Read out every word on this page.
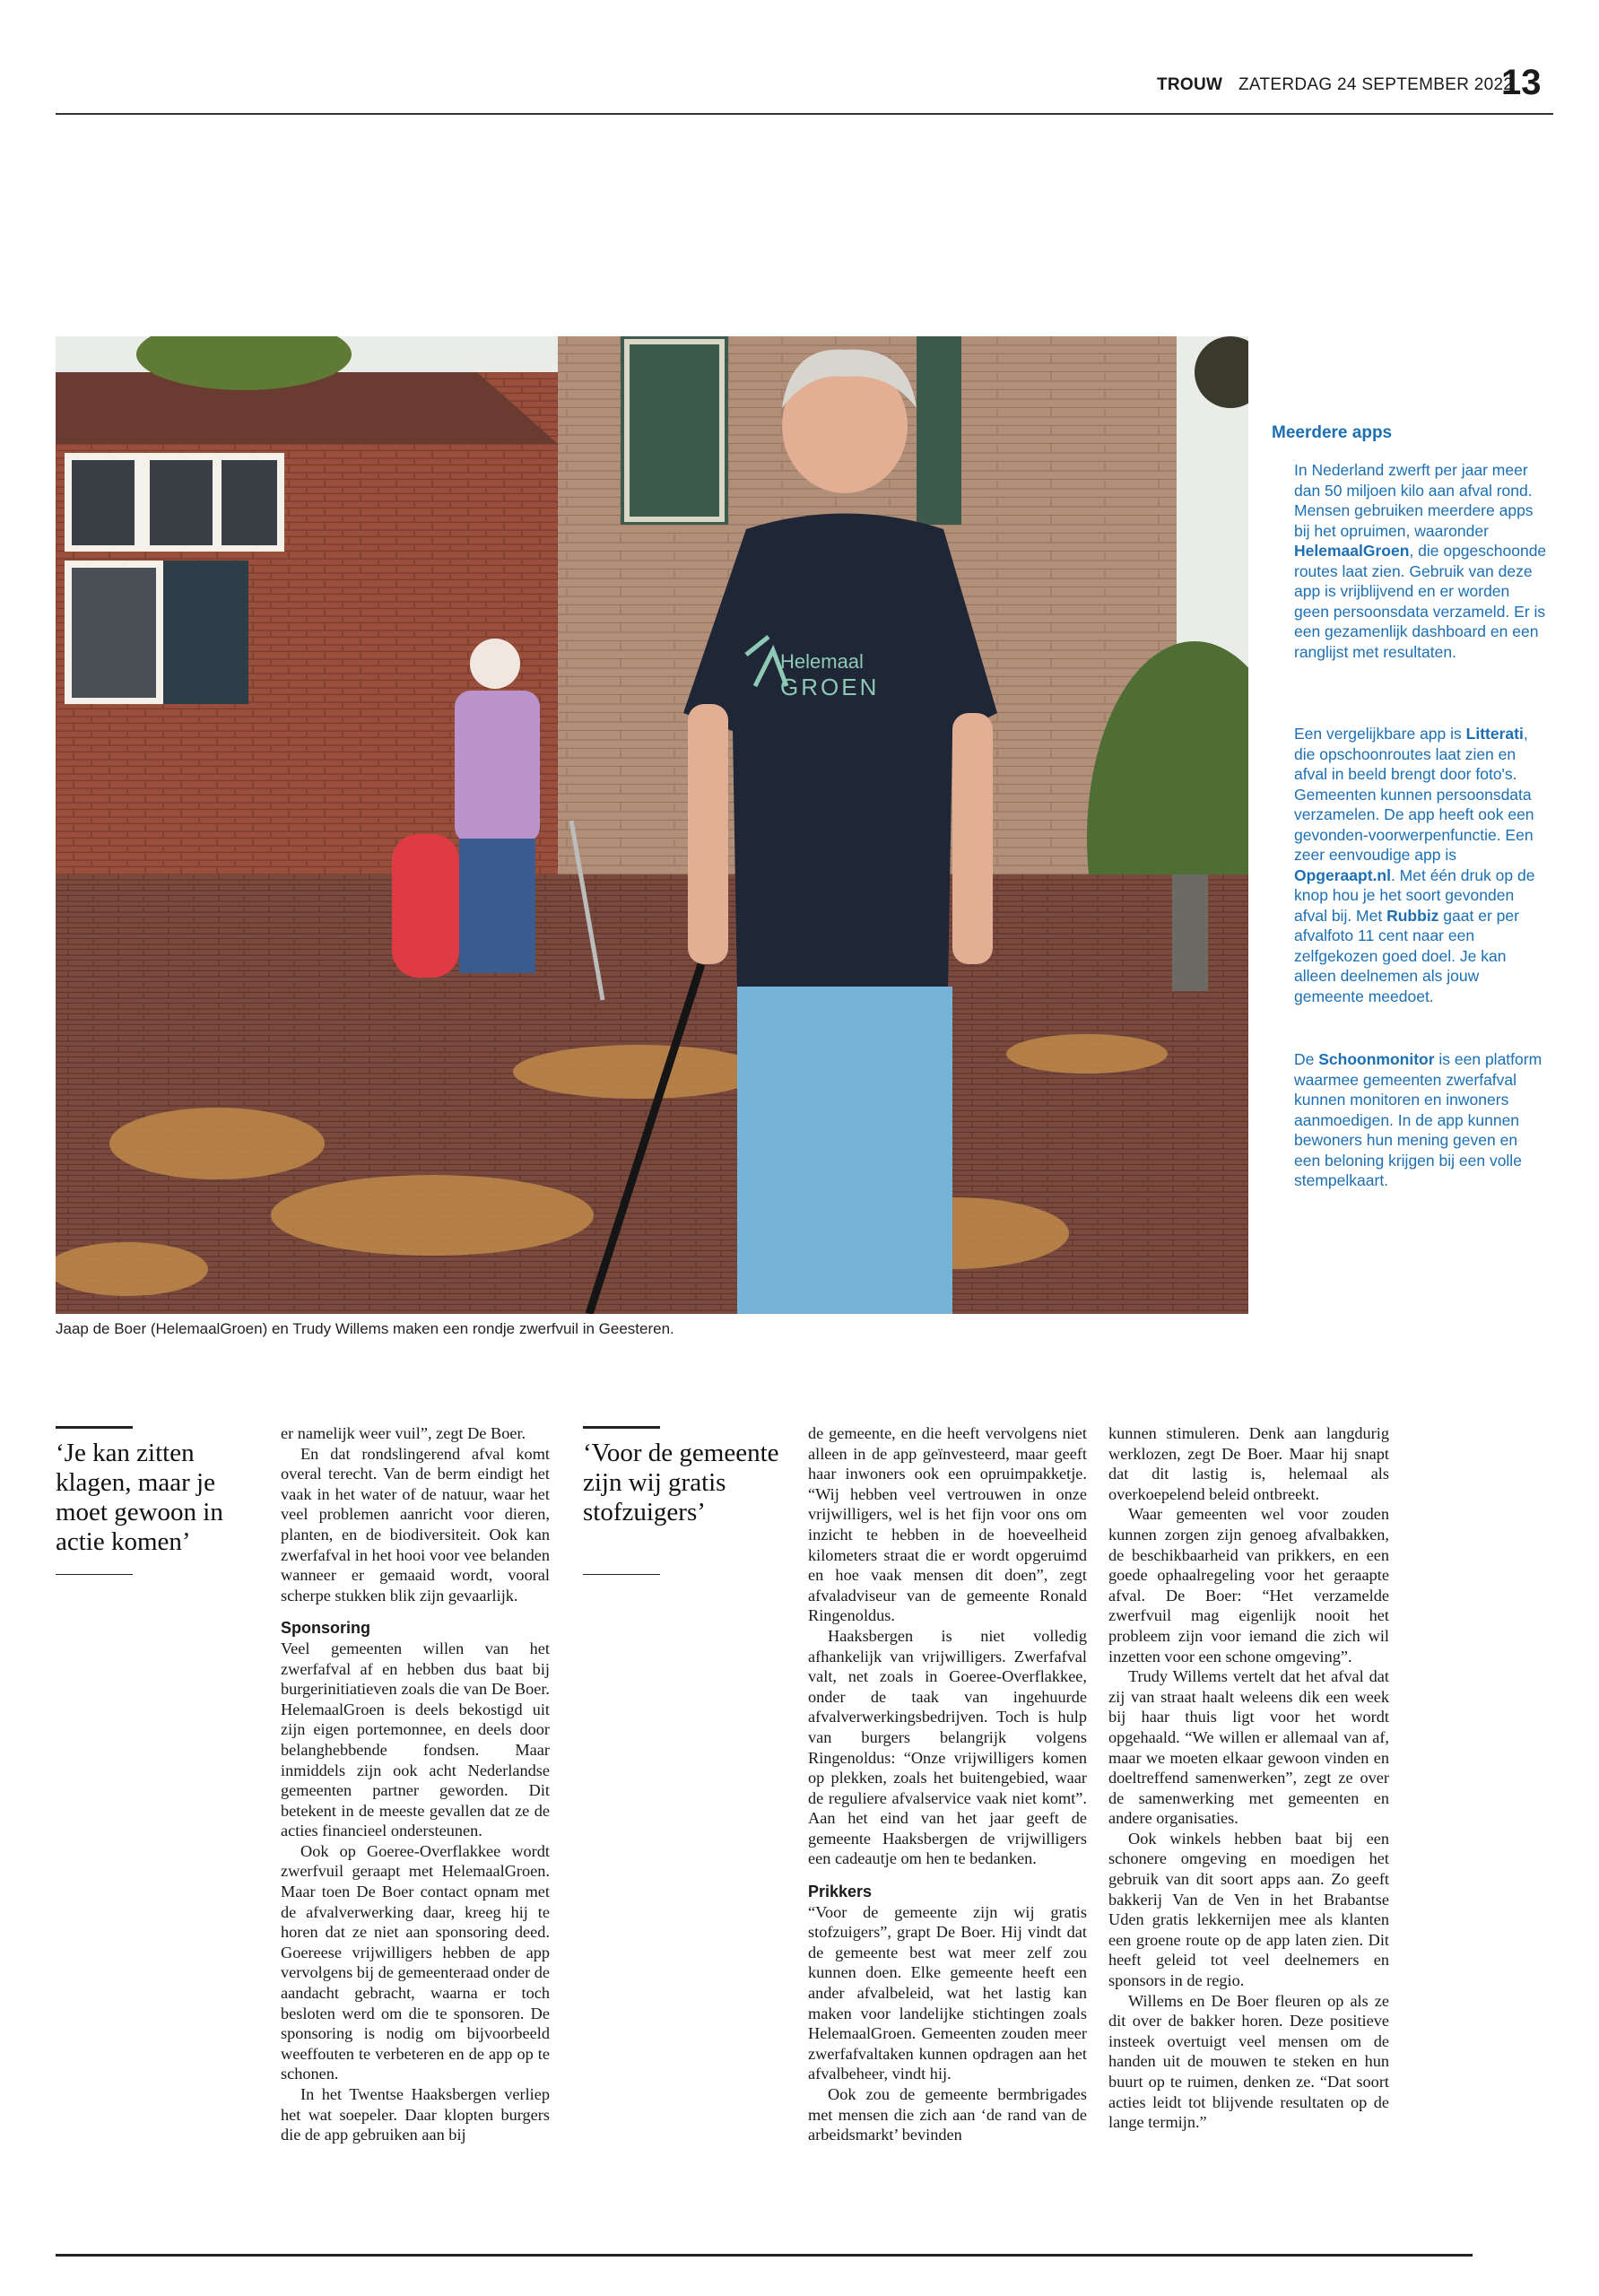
TROUW ZATERDAG 24 SEPTEMBER 2022
13
Helemaal
GROEN
Jaap de Boer (HelemaalGroen) en Trudy Willems maken een rondje zwerfvuil in Geesteren.
Meerdere apps
In Nederland zwerft per jaar meer dan 50 miljoen kilo aan afval rond. Mensen gebruiken meerdere apps bij het opruimen, waaronder HelemaalGroen, die opgeschoonde routes laat zien. Gebruik van deze app is vrijblijvend en er worden geen persoonsdata verzameld. Er is een gezamenlijk dashboard en een ranglijst met resultaten.
Een vergelijkbare app is Litterati, die opschoonroutes laat zien en afval in beeld brengt door foto's. Gemeenten kunnen persoonsdata verzamelen. De app heeft ook een gevonden-voorwerpenfunctie. Een zeer eenvoudige app is Opgeraapt.nl. Met één druk op de knop hou je het soort gevonden afval bij. Met Rubbiz gaat er per afvalfoto 11 cent naar een zelfgekozen goed doel. Je kan alleen deelnemen als jouw gemeente meedoet.
De Schoonmonitor is een platform waarmee gemeenten zwerfafval kunnen monitoren en inwoners aanmoedigen. In de app kunnen bewoners hun mening geven en een beloning krijgen bij een volle stempelkaart.
‘Je kan zitten klagen, maar je moet gewoon in actie komen’
‘Voor de gemeente zijn wij gratis stofzuigers’

er namelijk weer vuil”, zegt De Boer.

En dat rondslingerend afval komt overal terecht. Van de berm eindigt het vaak in het water of de natuur, waar het veel problemen aanricht voor dieren, planten, en de biodiversiteit. Ook kan zwerfafval in het hooi voor vee belanden wanneer er gemaaid wordt, vooral scherpe stukken blik zijn gevaarlijk.

Sponsoring

Veel gemeenten willen van het zwerfafval af en hebben dus baat bij burgerinitiatieven zoals die van De Boer. HelemaalGroen is deels bekostigd uit zijn eigen portemonnee, en deels door belanghebbende fondsen. Maar inmiddels zijn ook acht Nederlandse gemeenten partner geworden. Dit betekent in de meeste gevallen dat ze de acties financieel ondersteunen.

Ook op Goeree-Overflakkee wordt zwerfvuil geraapt met HelemaalGroen. Maar toen De Boer contact opnam met de afvalverwerking daar, kreeg hij te horen dat ze niet aan sponsoring deed. Goereese vrijwilligers hebben de app vervolgens bij de gemeenteraad onder de aandacht gebracht, waarna er toch besloten werd om die te sponsoren. De sponsoring is nodig om bijvoorbeeld weeffouten te verbeteren en de app op te schonen.

In het Twentse Haaksbergen verliep het wat soepeler. Daar klopten burgers die de app gebruiken aan bij

de gemeente, en die heeft vervolgens niet alleen in de app geïnvesteerd, maar geeft haar inwoners ook een opruimpakketje. “Wij hebben veel vertrouwen in onze vrijwilligers, wel is het fijn voor ons om inzicht te hebben in de hoeveelheid kilometers straat die er wordt opgeruimd en hoe vaak mensen dit doen”, zegt afvaladviseur van de gemeente Ronald Ringenoldus.

Haaksbergen is niet volledig afhankelijk van vrijwilligers. Zwerfafval valt, net zoals in Goeree-Overflakkee, onder de taak van ingehuurde afvalverwerkingsbedrijven. Toch is hulp van burgers belangrijk volgens Ringenoldus: “Onze vrijwilligers komen op plekken, zoals het buitengebied, waar de reguliere afvalservice vaak niet komt”. Aan het eind van het jaar geeft de gemeente Haaksbergen de vrijwilligers een cadeautje om hen te bedanken.

Prikkers

“Voor de gemeente zijn wij gratis stofzuigers”, grapt De Boer. Hij vindt dat de gemeente best wat meer zelf zou kunnen doen. Elke gemeente heeft een ander afvalbeleid, wat het lastig kan maken voor landelijke stichtingen zoals HelemaalGroen. Gemeenten zouden meer zwerfafvaltaken kunnen opdragen aan het afvalbeheer, vindt hij.

Ook zou de gemeente bermbrigades met mensen die zich aan ‘de rand van de arbeidsmarkt’ bevinden

kunnen stimuleren. Denk aan langdurig werklozen, zegt De Boer. Maar hij snapt dat dit lastig is, helemaal als overkoepelend beleid ontbreekt.

Waar gemeenten wel voor zouden kunnen zorgen zijn genoeg afvalbakken, de beschikbaarheid van prikkers, en een goede ophaalregeling voor het geraapte afval. De Boer: “Het verzamelde zwerfvuil mag eigenlijk nooit het probleem zijn voor iemand die zich wil inzetten voor een schone omgeving”.

Trudy Willems vertelt dat het afval dat zij van straat haalt weleens dik een week bij haar thuis ligt voor het wordt opgehaald. “We willen er allemaal van af, maar we moeten elkaar gewoon vinden en doeltreffend samenwerken”, zegt ze over de samenwerking met gemeenten en andere organisaties.

Ook winkels hebben baat bij een schonere omgeving en moedigen het gebruik van dit soort apps aan. Zo geeft bakkerij Van de Ven in het Brabantse Uden gratis lekkernijen mee als klanten een groene route op de app laten zien. Dit heeft geleid tot veel deelnemers en sponsors in de regio.

Willems en De Boer fleuren op als ze dit over de bakker horen. Deze positieve insteek overtuigt veel mensen om de handen uit de mouwen te steken en hun buurt op te ruimen, denken ze. “Dat soort acties leidt tot blijvende resultaten op de lange termijn.”
